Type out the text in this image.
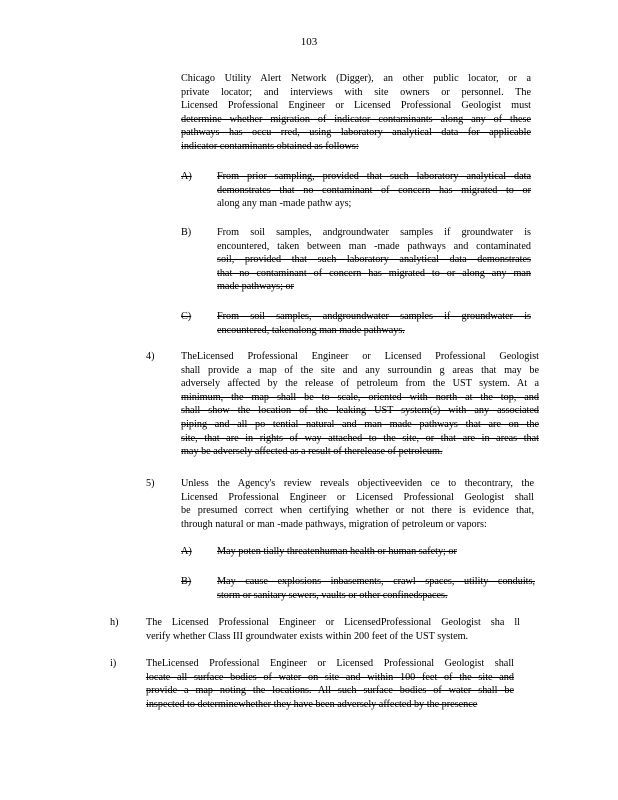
103
Chicago Utility Alert Network (Digger), an other public locator, or a
private locator; and interviews with site owners or personnel. The
Licensed Professional Engineer or Licensed Professional Geologist must
determine whether migration of indicator contaminants along any of these
pathways has occu rred, using laboratory analytical data for applicable
indicator contaminants obtained as follows:
A) From prior sampling, provided that such laboratory analytical data
demonstrates that no contaminant of concern has migrated to or
along any man -made pathw ays;
B)	From soil samples, andgroundwater samples if groundwater is
encountered, taken between man -made pathways and contaminated
soil, provided that such laboratory analytical data demonstrates
that no contaminant of concern has migrated to or along any man
made pathways; or
C)	From soil samples, andgroundwater samples if groundwater is
encountered, takenalong man made pathways.
4)	TheLicensed Professional Engineer or Licensed Professional Geologist
shall provide a map of the site and any surroundin g areas that may be
adversely affected by the release of petroleum from the UST system. At a
minimum, the map shall be to scale, oriented with north at the top, and
shall show the location of the leaking UST system(s) with any associated
piping and all po tential natural and man made pathways that are on the
site, that are in rights of way attached to the site, or that are in areas that
may be adversely affected as a result of therelease of petroleum.
5)	Unless the Agency's review reveals objectiveeviden ce to thecontrary, the
Licensed Professional Engineer or Licensed Professional Geologist shall
be presumed correct when certifying whether or not there is evidence that,
through natural or man -made pathways, migration of petroleum or vapors:
A) May poten tially threatenhuman health or human safety; or
B)	May cause explosions inbasements, crawl spaces, utility conduits,
storm or sanitary sewers, vaults or other confinedspaces.
h)	The Licensed Professional Engineer or LicensedProfessional Geologist sha ll
verify whether Class III groundwater exists within 200 feet of the UST system.
i)	TheLicensed Professional Engineer or Licensed Professional Geologist shall
locate all surface bodies of water on site and within 100 feet of the site and
provide a map noting the locations. All such surface bodies of water shall be
inspected to determinewhether they have been adversely affected by the presence
